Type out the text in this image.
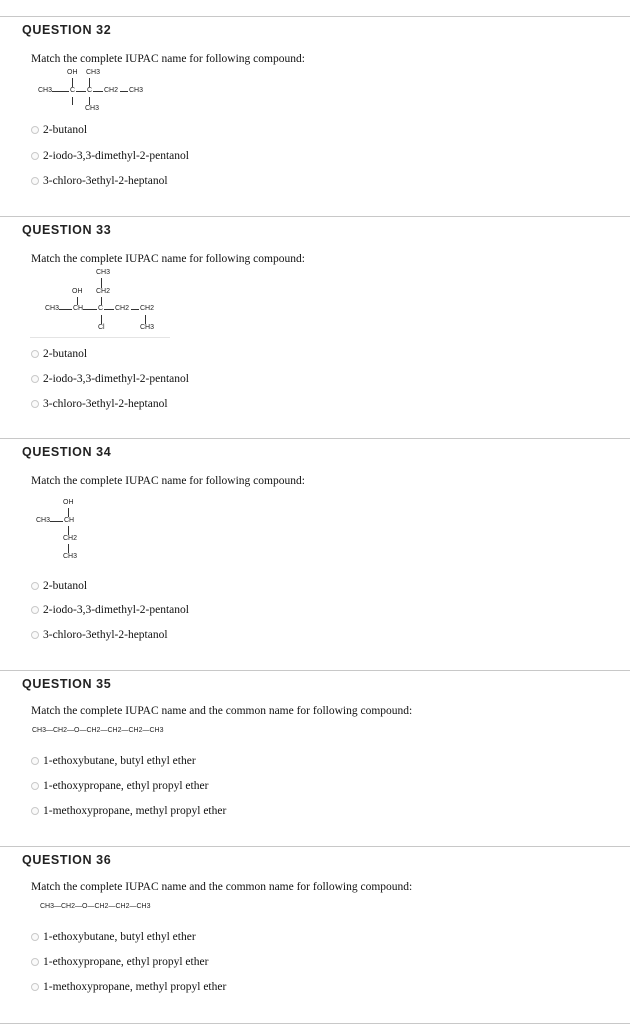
QUESTION 32
Match the complete IUPAC name for following compound:
OH CH3
CH3	C C CH2 CH3
CH3
2-butanol
2-iodo-3,3-dimethyl-2-pentanol
3-chloro-3ethyl-2-heptanol
QUESTION 33
Match the complete IUPAC name for following compound:
CH3
OH CH2
CH3 CH C CH2 CH2
Cl	CH3
2-butanol
2-iodo-3,3-dimethyl-2-pentanol
3-chloro-3ethyl-2-heptanol
QUESTION 34
Match the complete IUPAC name for following compound:
OH
CH3 CH
CH2
CH3
2-butanol
2-iodo-3,3-dimethyl-2-pentanol
3-chloro-3ethyl-2-heptanol
QUESTION 35
Match the complete IUPAC name and the common name for following compound:
CH3—CH2—O—CH2—CH2—CH2—CH3
1-ethoxybutane, butyl ethyl ether
1-ethoxypropane, ethyl propyl ether
1-methoxypropane, methyl propyl ether
QUESTION 36
Match the complete IUPAC name and the common name for following compound:
CH3—CH2—O—CH2—CH2—CH3
1-ethoxybutane, butyl ethyl ether
1-ethoxypropane, ethyl propyl ether
1-methoxypropane, methyl propyl ether
